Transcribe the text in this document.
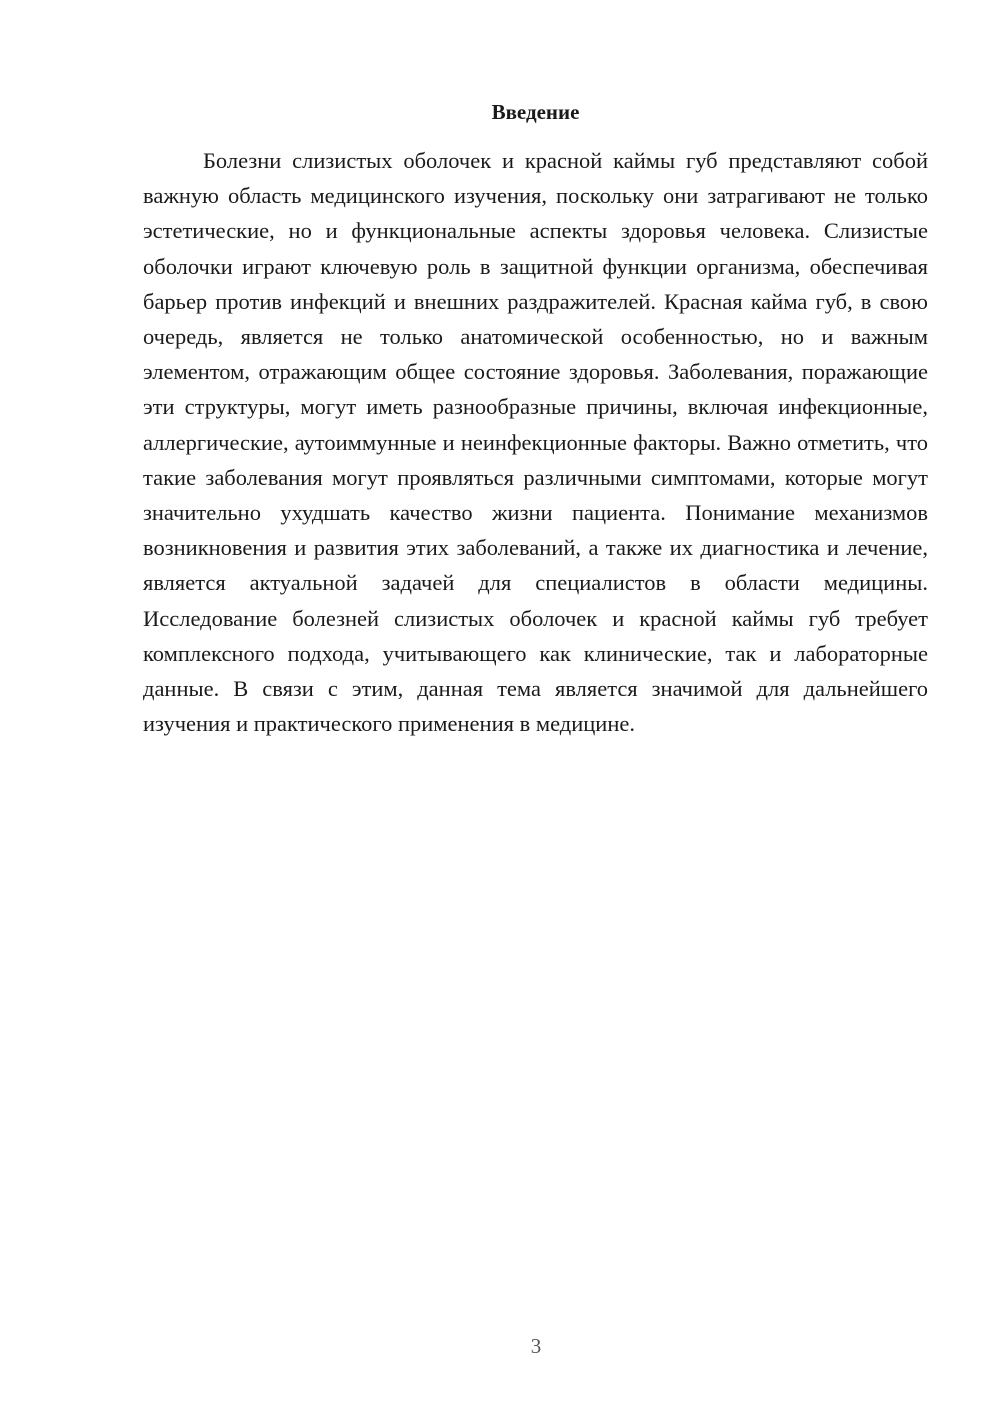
Введение

Болезни слизистых оболочек и красной каймы губ представляют собой важную область медицинского изучения, поскольку они затрагивают не только эстетические, но и функциональные аспекты здоровья человека. Слизистые оболочки играют ключевую роль в защитной функции организма, обеспечивая барьер против инфекций и внешних раздражителей. Красная кайма губ, в свою очередь, является не только анатомической особенностью, но и важным элементом, отражающим общее состояние здоровья. Заболевания, поражающие эти структуры, могут иметь разнообразные причины, включая инфекционные, аллергические, аутоиммунные и неинфекционные факторы. Важно отметить, что такие заболевания могут проявляться различными симптомами, которые могут значительно ухудшать качество жизни пациента. Понимание механизмов возникновения и развития этих заболеваний, а также их диагностика и лечение, является актуальной задачей для специалистов в области медицины. Исследование болезней слизистых оболочек и красной каймы губ требует комплексного подхода, учитывающего как клинические, так и лабораторные данные. В связи с этим, данная тема является значимой для дальнейшего изучения и практического применения в медицине.

3
